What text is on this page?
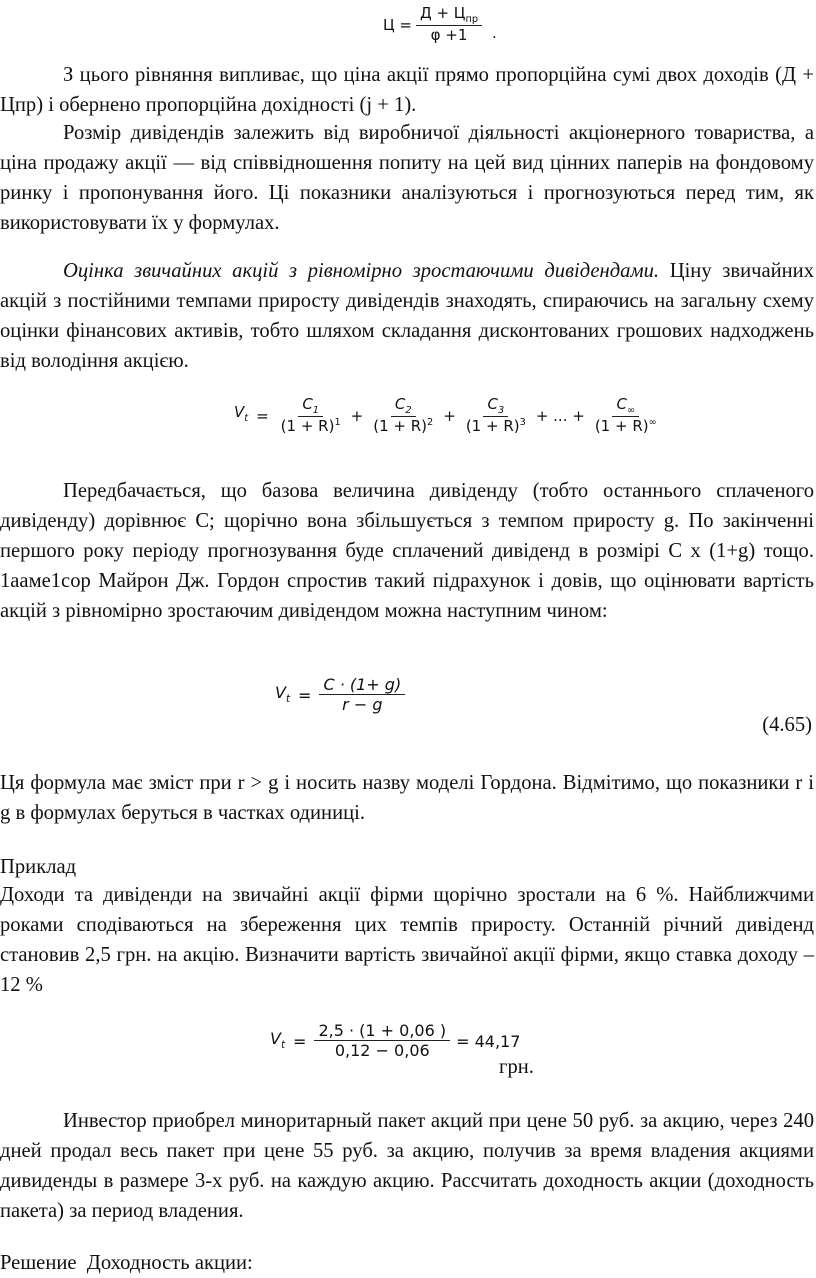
$Ц = \frac{Д + Ц_{пр}}{\varphi +1}$ .

З цього рівняння випливає, що ціна акції прямо пропорційна сумі двох доходів (Д + Цпр) і обернено пропорційна дохідності (j + 1).

Розмір дивідендів залежить від виробничої діяльності акціонерного товариства, а ціна продажу акції — від співвідношення попиту на цей вид цінних паперів на фондовому ринку і пропонування його. Ці показники аналізуються і прогнозуються перед тим, як використовувати їх у формулах.

Оцінка звичайних акцій з рівномірно зростаючими дивідендами. Ціну звичайних акцій з постійними темпами приросту дивідендів знаходять, спираючись на загальну схему оцінки фінансових активів, тобто шляхом складання дисконтованих грошових надходжень від володіння акцією.

$V_t = \frac{C_1}{(1 + R)^1} + \frac{C_2}{(1 + R)^2} + \frac{C_3}{(1 + R)^3}$ + ... + $\frac{C_\infty}{(1 + R)^\infty}$

Передбачається, що базова величина дивіденду (тобто останнього сплаченого дивіденду) дорівнює С; щорічно вона збільшується з темпом приросту g. По закінченні першого року періоду прогнозування буде сплачений дивіденд в розмірі С х (1+g) тощо. 1ааме1сор Майрон Дж. Гордон спростив такий підрахунок і довів, що оцінювати вартість акцій з рівномірно зростаючим дивідендом можна наступним чином:

$V_t = \frac{C \cdot (1+ g)}{r - g}$
(4.65)

Ця формула має зміст при r > g і носить назву моделі Гордона. Відмітимо, що показники r і g в формулах беруться в частках одиниці.

Приклад

Доходи та дивіденди на звичайні акції фірми щорічно зростали на 6 %. Найближчими роками сподіваються на збереження цих темпів приросту. Останній річний дивіденд становив 2,5 грн. на акцію. Визначити вартість звичайної акції фірми, якщо ставка доходу – 12 %

$V_t = \frac{2,5 \cdot (1 + 0,06 )}{0,12 - 0,06} = 44,17$
грн.

Инвестор приобрел миноритарный пакет акций при цене 50 руб. за акцию, через 240 дней продал весь пакет при цене 55 руб. за акцию, получив за время владения акциями дивиденды в размере 3-х руб. на каждую акцию. Рассчитать доходность акции (доходность пакета) за период владения.

Решение  Доходность акции:
